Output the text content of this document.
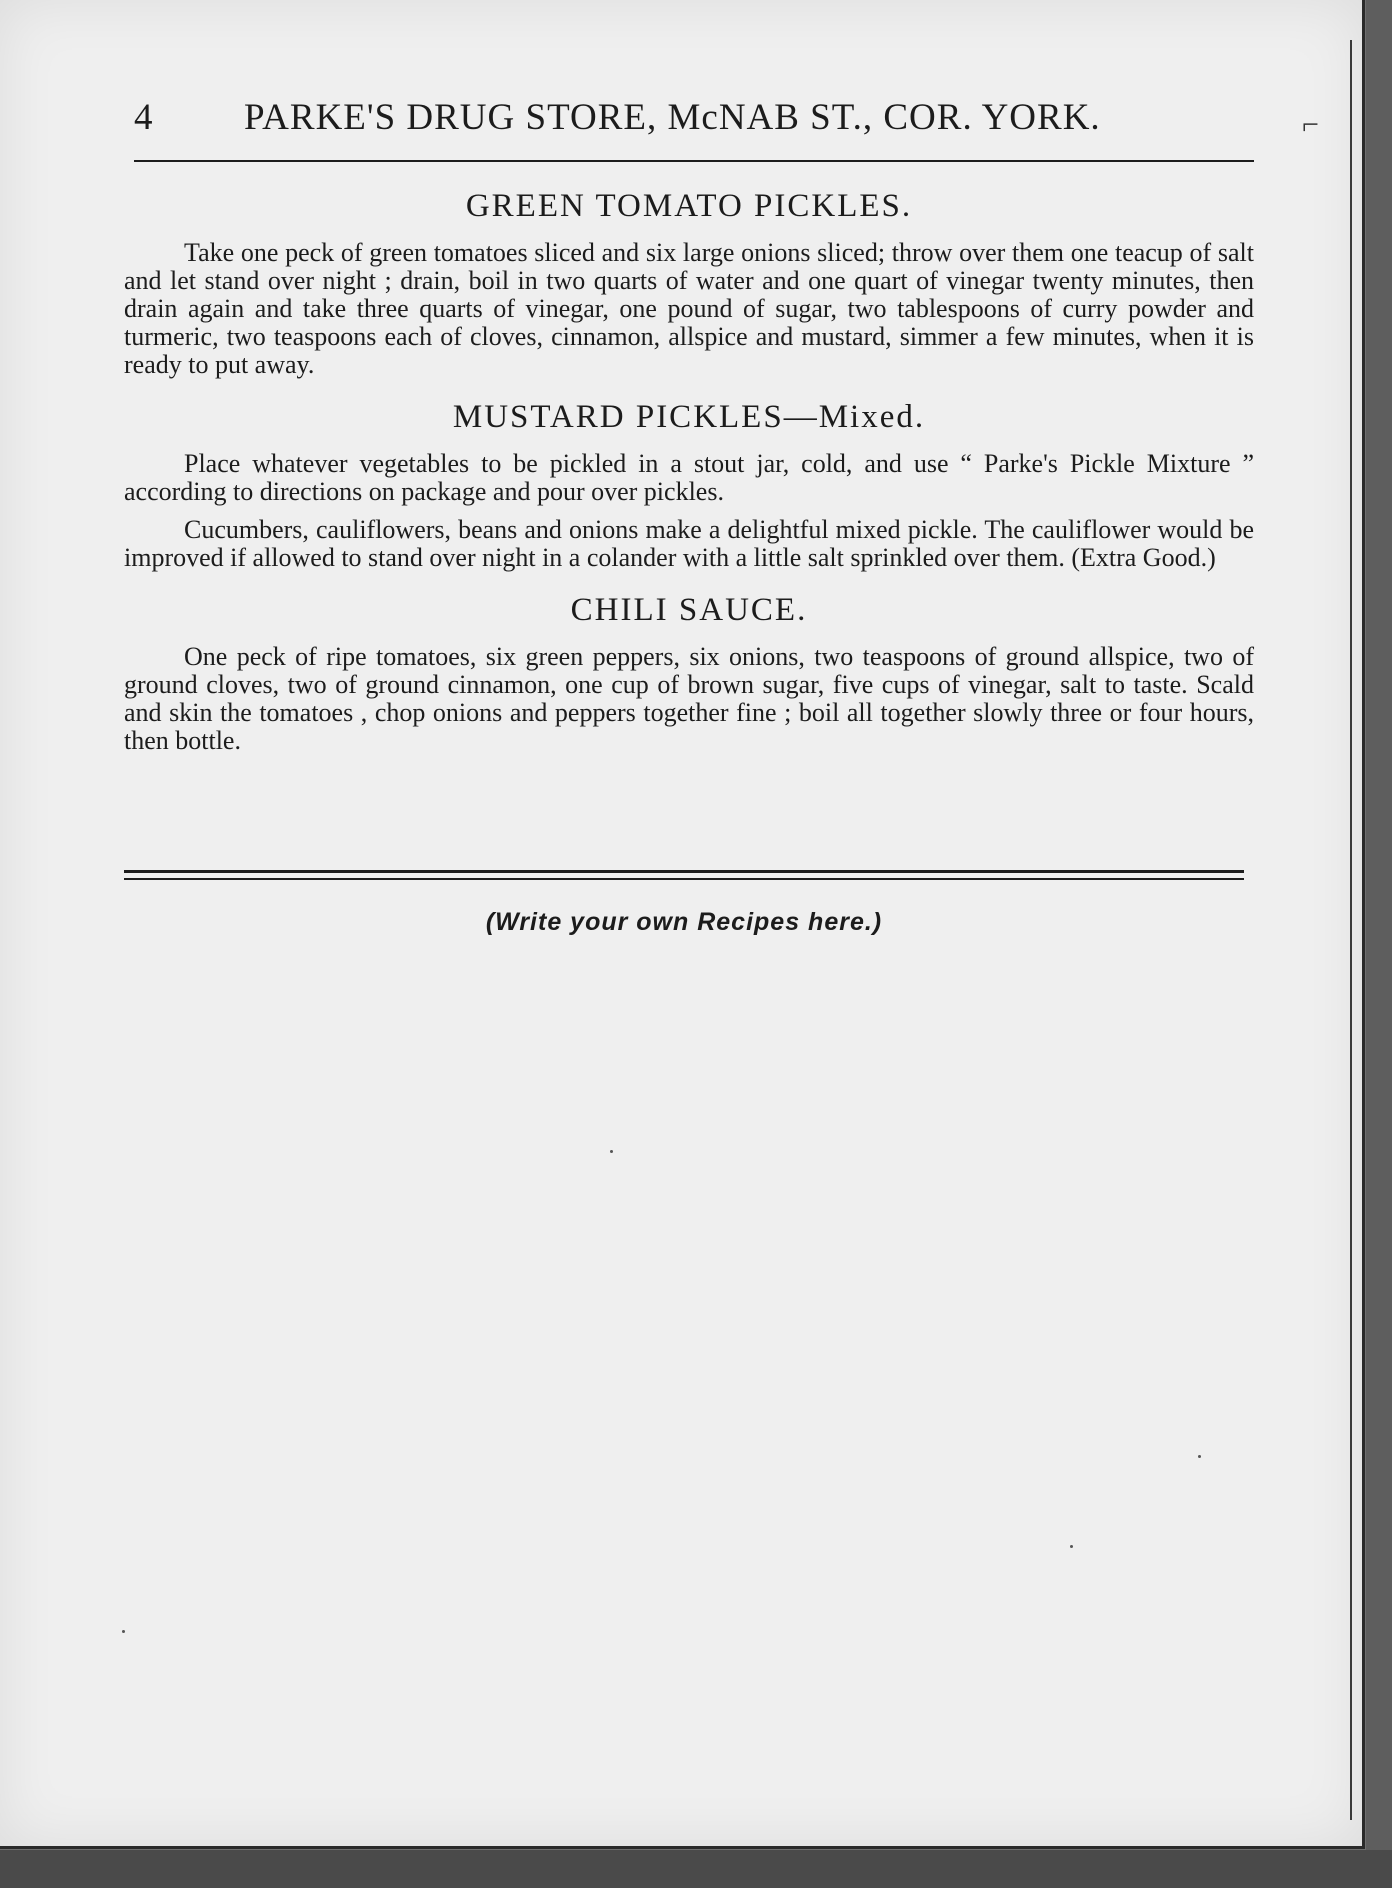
⌐
4 PARKE'S DRUG STORE, McNAB ST., COR. YORK.
GREEN TOMATO PICKLES.

Take one peck of green tomatoes sliced and six large onions sliced; throw over them one teacup of salt and let stand over night ; drain, boil in two quarts of water and one quart of vinegar twenty minutes, then drain again and take three quarts of vinegar, one pound of sugar, two tablespoons of curry powder and turmeric, two teaspoons each of cloves, cinnamon, allspice and mustard, simmer a few minutes, when it is ready to put away.

MUSTARD PICKLES—Mixed.

Place whatever vegetables to be pickled in a stout jar, cold, and use “ Parke's Pickle Mixture ” according to directions on package and pour over pickles.

Cucumbers, cauliflowers, beans and onions make a delightful mixed pickle. The cauliflower would be improved if allowed to stand over night in a colander with a little salt sprinkled over them. (Extra Good.)

CHILI SAUCE.

One peck of ripe tomatoes, six green peppers, six onions, two teaspoons of ground allspice, two of ground cloves, two of ground cinnamon, one cup of brown sugar, five cups of vinegar, salt to taste. Scald and skin the tomatoes , chop onions and peppers together fine ; boil all together slowly three or four hours, then bottle.

(Write your own Recipes here.)
